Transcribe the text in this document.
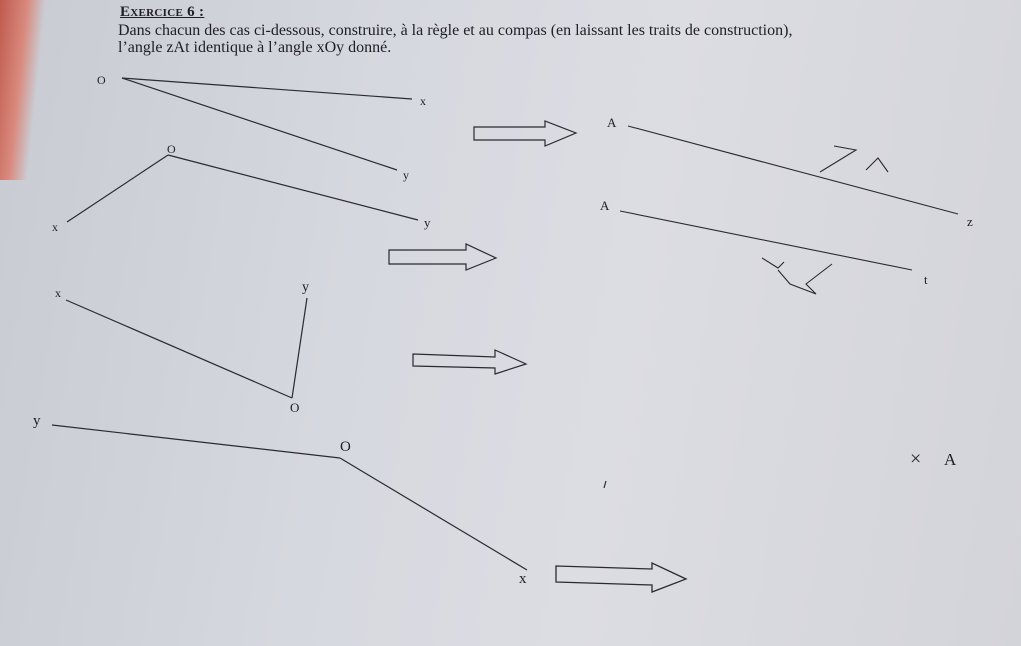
Exercice 6 :
Dans chacun des cas ci-dessous, construire, à la règle et au compas (en laissant les traits de construction),
l’angle zAt identique à l’angle xOy donné.
O
x
y
A
z
O
y
x
A
t
x	y
O
y
O
x
× A
